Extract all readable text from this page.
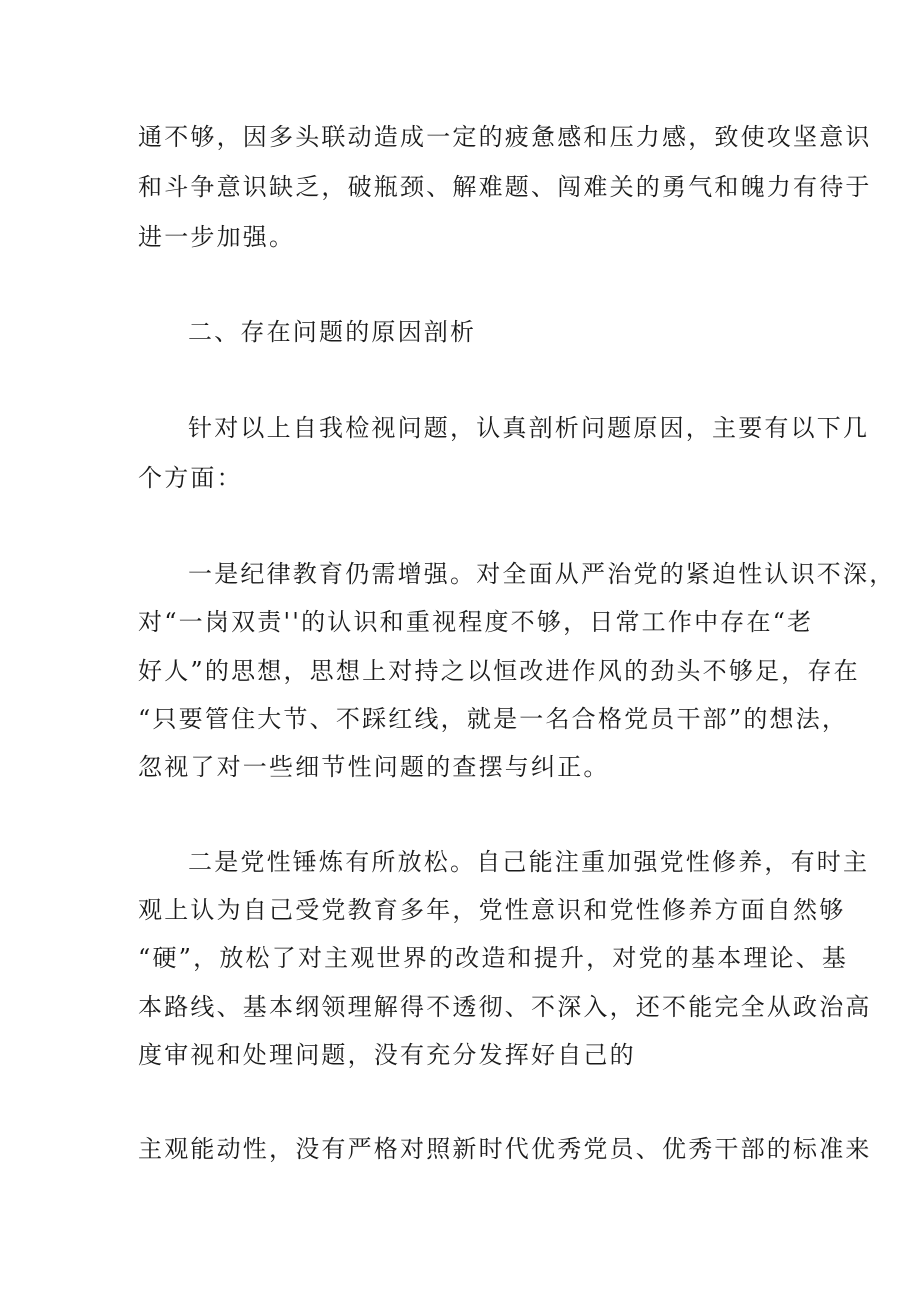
通不够，因多头联动造成一定的疲惫感和压力感，致使攻坚意识
和斗争意识缺乏，破瓶颈、解难题、闯难关的勇气和魄力有待于
进一步加强。
二、存在问题的原因剖析
针对以上自我检视问题，认真剖析问题原因，主要有以下几
个方面：
一是纪律教育仍需增强。对全面从严治党的紧迫性认识不深，
对“一岗双责''的认识和重视程度不够，日常工作中存在“老
好人”的思想，思想上对持之以恒改进作风的劲头不够足，存在
“只要管住大节、不踩红线，就是一名合格党员干部”的想法，
忽视了对一些细节性问题的查摆与纠正。
二是党性锤炼有所放松。自己能注重加强党性修养，有时主
观上认为自己受党教育多年，党性意识和党性修养方面自然够
“硬”，放松了对主观世界的改造和提升，对党的基本理论、基
本路线、基本纲领理解得不透彻、不深入，还不能完全从政治高
度审视和处理问题，没有充分发挥好自己的
主观能动性，没有严格对照新时代优秀党员、优秀干部的标准来
